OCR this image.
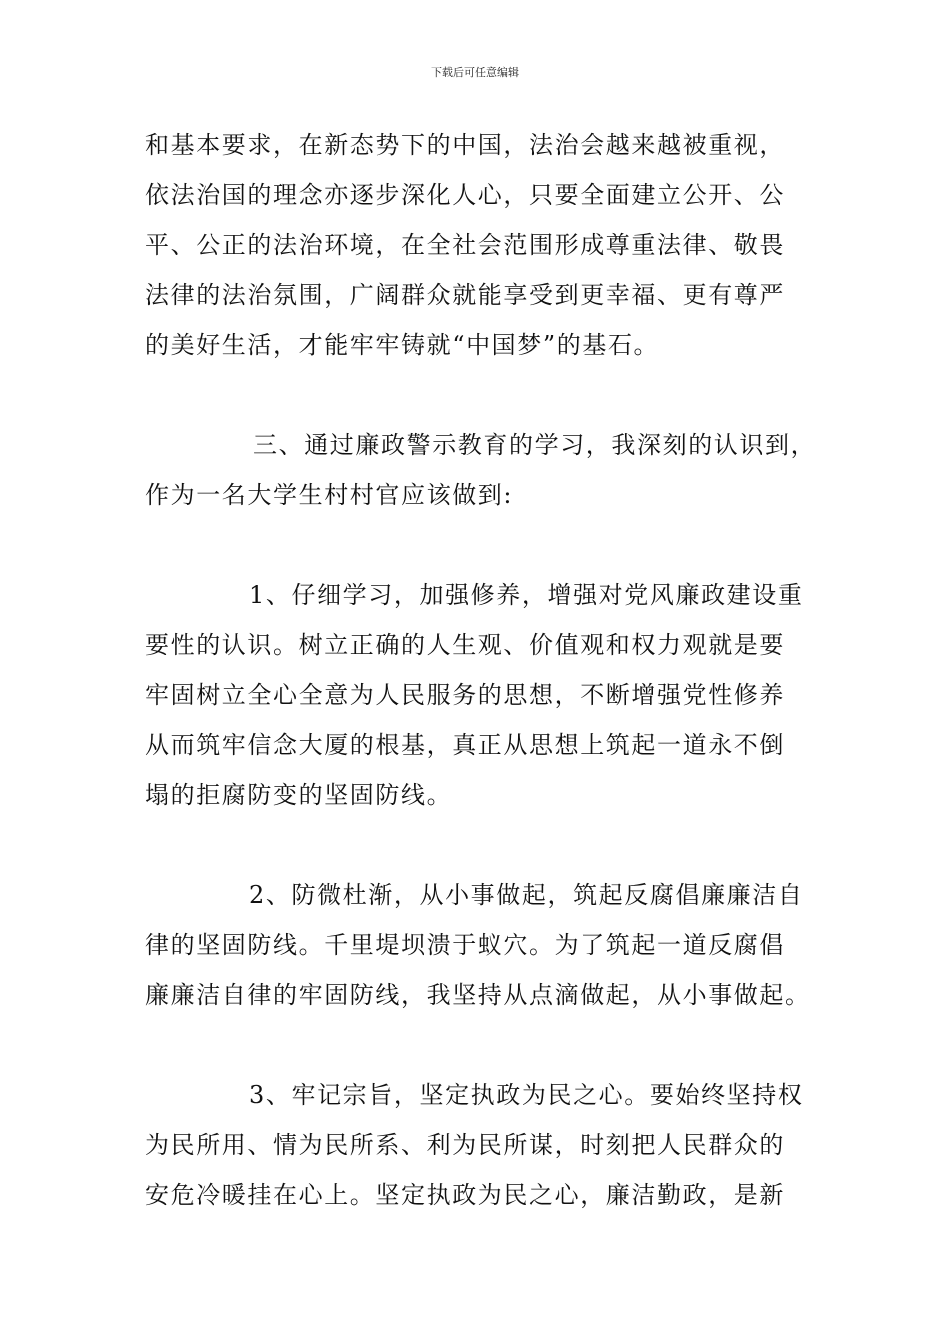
下载后可任意编辑
和基本要求，在新态势下的中国，法治会越来越被重视，
依法治国的理念亦逐步深化人心，只要全面建立公开、公
平、公正的法治环境，在全社会范围形成尊重法律、敬畏
法律的法治氛围，广阔群众就能享受到更幸福、更有尊严
的美好生活，才能牢牢铸就“中国梦”的基石。
三、通过廉政警示教育的学习，我深刻的认识到，
作为一名大学生村村官应该做到:
1、仔细学习，加强修养，增强对党风廉政建设重
要性的认识。树立正确的人生观、价值观和权力观就是要
牢固树立全心全意为人民服务的思想，不断增强党性修养
从而筑牢信念大厦的根基，真正从思想上筑起一道永不倒
塌的拒腐防变的坚固防线。
2、防微杜渐，从小事做起，筑起反腐倡廉廉洁自
律的坚固防线。千里堤坝溃于蚁穴。为了筑起一道反腐倡
廉廉洁自律的牢固防线，我坚持从点滴做起，从小事做起。
3、牢记宗旨，坚定执政为民之心。要始终坚持权
为民所用、情为民所系、利为民所谋，时刻把人民群众的
安危冷暖挂在心上。坚定执政为民之心，廉洁勤政，是新
